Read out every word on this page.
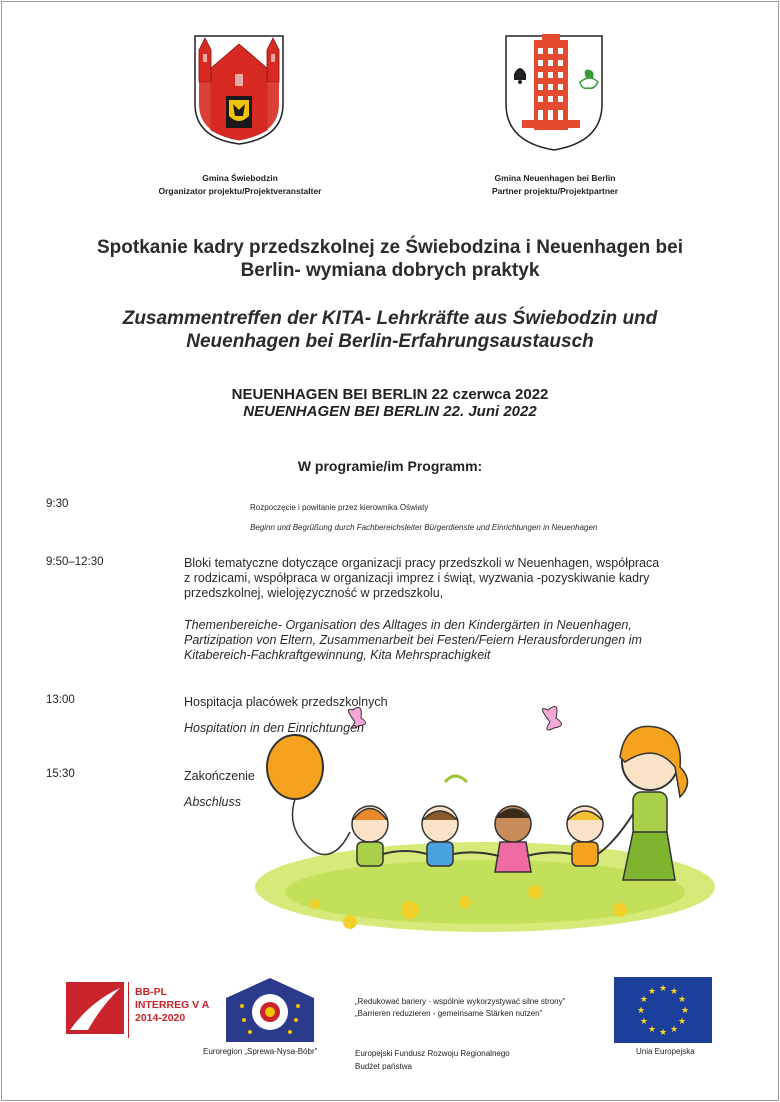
Gmina Świebodzin
Organizator projektu/Projektveranstalter
Gmina Neuenhagen bei Berlin
Partner projektu/Projektpartner
Spotkanie kadry przedszkolnej ze Świebodzina i Neuenhagen bei
Berlin- wymiana dobrych praktyk
Zusammentreffen der KITA- Lehrkräfte aus Świebodzin und
Neuenhagen bei Berlin-Erfahrungsaustausch
NEUENHAGEN BEI BERLIN 22 czerwca 2022
NEUENHAGEN BEI BERLIN 22. Juni 2022
W programie/im Programm:
9:30	Rozpoczęcie i powitanie przez kierownika Oświaty
Beginn und Begrüßung durch Fachbereichsleiter Bürgerdienste und Einrichtungen in Neuenhagen
9:50–12:30	Bloki tematyczne dotyczące organizacji pracy przedszkoli w Neuenhagen, współpraca
z rodzicami, współpraca w organizacji imprez i świąt, wyzwania -pozyskiwanie kadry
przedszkolnej, wielojęzyczność w przedszkolu,
Themenbereiche- Organisation des Alltages in den Kindergärten in Neuenhagen,
Partizipation von Eltern, Zusammenarbeit bei Festen/Feiern Herausforderungen im
Kitabereich-Fachkraftgewinnung, Kita Mehrsprachigkeit
13:00	Hospitacja placówek przedszkolnych
Hospitation in den Einrichtungen
15:30	Zakończenie
Abschluss
BB-PL
INTERREG V A
2014-2020
Euroregion „Sprewa-Nysa-Bóbr”
„Redukować bariery - wspólnie wykorzystywać silne strony”
„Barrieren reduzieren - gemeinsame Stärken nutzen”
Europejski Fundusz Rozwoju Regionalnego
Budżet państwa
★
★
★
★
★
★
★
★
★ ★ ★
★
Unia Europejska
